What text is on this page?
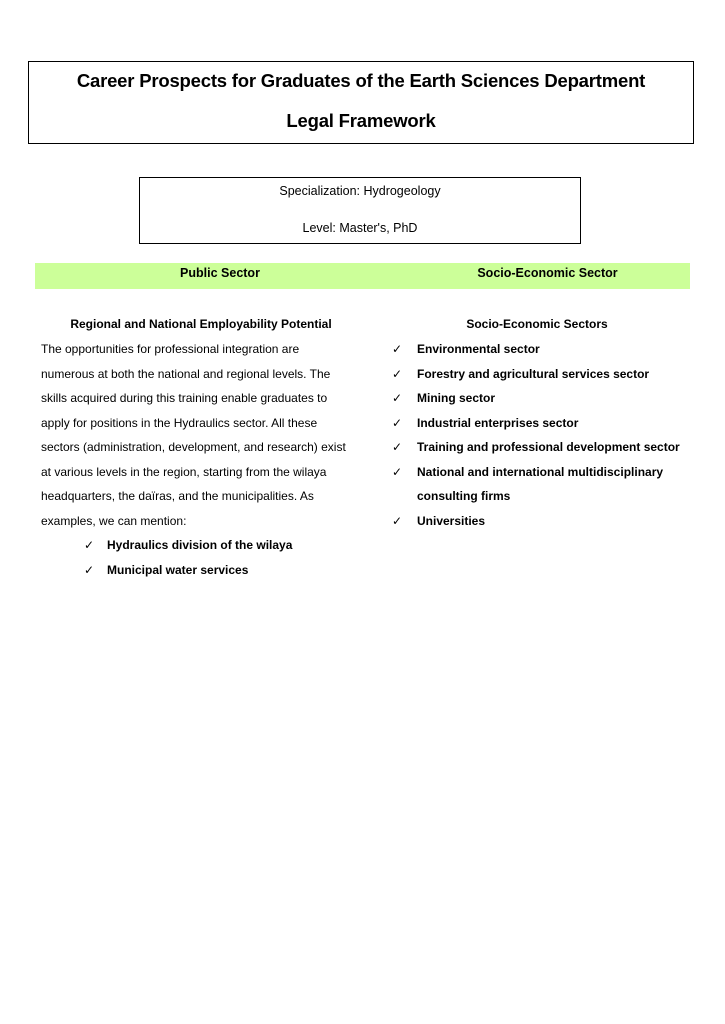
Career Prospects for Graduates of the Earth Sciences Department
Legal Framework
Specialization: Hydrogeology
Level: Master's, PhD
Public Sector	Socio-Economic Sector
Regional and National Employability Potential
The opportunities for professional integration are
numerous at both the national and regional levels. The
skills acquired during this training enable graduates to
apply for positions in the Hydraulics sector. All these
sectors (administration, development, and research) exist
at various levels in the region, starting from the wilaya
headquarters, the daïras, and the municipalities. As
examples, we can mention:
✓ Hydraulics division of the wilaya
✓ Municipal water services
Socio-Economic Sectors
✓ Environmental sector
✓ Forestry and agricultural services sector
✓ Mining sector
✓ Industrial enterprises sector
✓ Training and professional development sector
✓ National and international multidisciplinary consulting firms
✓ Universities
